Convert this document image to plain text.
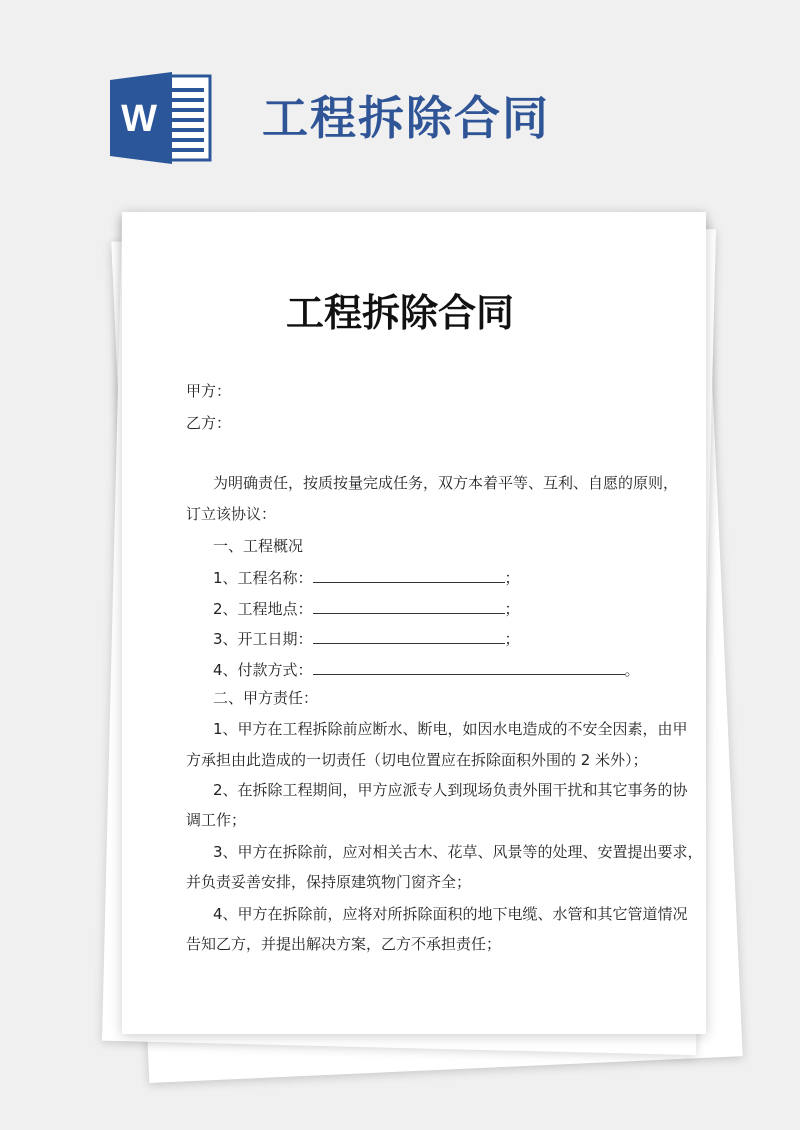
W 工程拆除合同
工程拆除合同
甲方：
乙方：
为明确责任，按质按量完成任务，双方本着平等、互利、自愿的原则，
订立该协议：
一、工程概况
1、工程名称：	；
2、工程地点：	；
3、开工日期：	；
4、付款方式：	。
二、甲方责任：
1、甲方在工程拆除前应断水、断电，如因水电造成的不安全因素，由甲
方承担由此造成的一切责任（切电位置应在拆除面积外围的 2 米外）；
2、在拆除工程期间，甲方应派专人到现场负责外围干扰和其它事务的协
调工作；
3、甲方在拆除前，应对相关古木、花草、风景等的处理、安置提出要求，
并负责妥善安排，保持原建筑物门窗齐全；
4、甲方在拆除前，应将对所拆除面积的地下电缆、水管和其它管道情况
告知乙方，并提出解决方案，乙方不承担责任；
